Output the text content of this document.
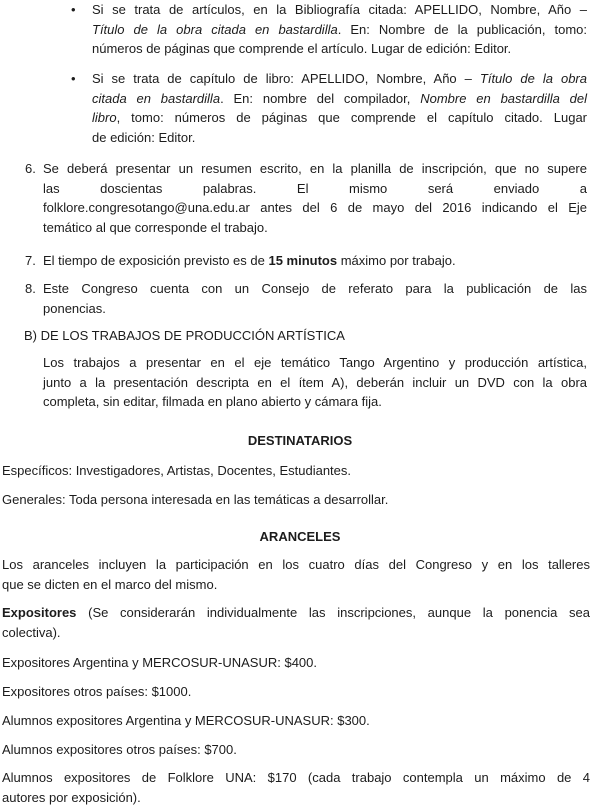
• Si se trata de artículos, en la Bibliografía citada: APELLIDO, Nombre, Año –
Título de la obra citada en bastardilla. En: Nombre de la publicación, tomo:
números de páginas que comprende el artículo. Lugar de edición: Editor.
• Si se trata de capítulo de libro: APELLIDO, Nombre, Año – Título de la obra
citada en bastardilla. En: nombre del compilador, Nombre en bastardilla del
libro, tomo: números de páginas que comprende el capítulo citado. Lugar
de edición: Editor.
6. Se deberá presentar un resumen escrito, en la planilla de inscripción, que no supere
las doscientas palabras. El mismo será enviado a
folklore.congresotango@una.edu.ar antes del 6 de mayo del 2016 indicando el Eje
temático al que corresponde el trabajo.
7. El tiempo de exposición previsto es de 15 minutos máximo por trabajo.
8. Este Congreso cuenta con un Consejo de referato para la publicación de las
ponencias.
B) DE LOS TRABAJOS DE PRODUCCIÓN ARTÍSTICA
Los trabajos a presentar en el eje temático Tango Argentino y producción artística,
junto a la presentación descripta en el ítem A), deberán incluir un DVD con la obra
completa, sin editar, filmada en plano abierto y cámara fija.
DESTINATARIOS
Específicos: Investigadores, Artistas, Docentes, Estudiantes.
Generales: Toda persona interesada en las temáticas a desarrollar.
ARANCELES
Los aranceles incluyen la participación en los cuatro días del Congreso y en los talleres
que se dicten en el marco del mismo.
Expositores (Se considerarán individualmente las inscripciones, aunque la ponencia sea
colectiva).
Expositores Argentina y MERCOSUR-UNASUR: $400.
Expositores otros países: $1000.
Alumnos expositores Argentina y MERCOSUR-UNASUR: $300.
Alumnos expositores otros países: $700.
Alumnos expositores de Folklore UNA: $170 (cada trabajo contempla un máximo de 4
autores por exposición).
